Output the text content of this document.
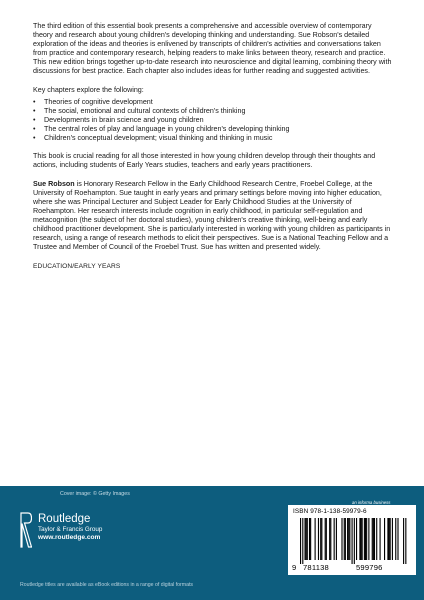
The third edition of this essential book presents a comprehensive and accessible overview of contemporary theory and research about young children's developing thinking and understanding. Sue Robson's detailed exploration of the ideas and theories is enlivened by transcripts of children's activities and conversations taken from practice and contemporary research, helping readers to make links between theory, research and practice. This new edition brings together up-to-date research into neuroscience and digital learning, combining theory with discussions for best practice. Each chapter also includes ideas for further reading and suggested activities.

Key chapters explore the following:

• Theories of cognitive development
• The social, emotional and cultural contexts of children's thinking
• Developments in brain science and young children
• The central roles of play and language in young children's developing thinking
• Children's conceptual development; visual thinking and thinking in music

This book is crucial reading for all those interested in how young children develop through their thoughts and actions, including students of Early Years studies, teachers and early years practitioners.

Sue Robson is Honorary Research Fellow in the Early Childhood Research Centre, Froebel College, at the University of Roehampton. Sue taught in early years and primary settings before moving into higher education, where she was Principal Lecturer and Subject Leader for Early Childhood Studies at the University of Roehampton. Her research interests include cognition in early childhood, in particular self-regulation and metacognition (the subject of her doctoral studies), young children's creative thinking, well-being and early childhood practitioner development. She is particularly interested in working with young children as participants in research, using a range of research methods to elicit their perspectives. Sue is a National Teaching Fellow and a Trustee and Member of Council of the Froebel Trust. Sue has written and presented widely.

EDUCATION/EARLY YEARS

Cover image: © Getty Images
Routledge
Taylor & Francis Group
www.routledge.com
an informa business
ISBN 978-1-138-59979-6
9 781138	599796
Routledge titles are available as eBook editions in a range of digital formats
